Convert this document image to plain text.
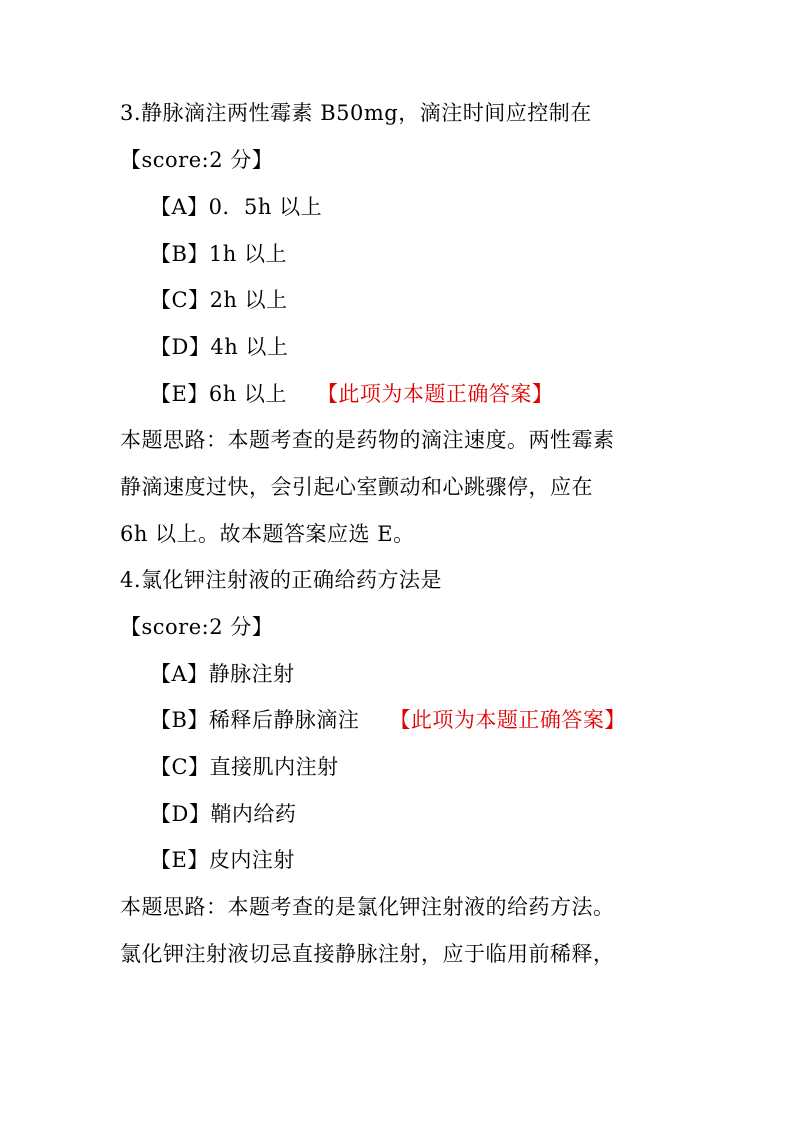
3.静脉滴注两性霉素 B50mg，滴注时间应控制在
【score:2 分】
【A】0．5h 以上
【B】1h 以上
【C】2h 以上
【D】4h 以上
【E】6h 以上 【此项为本题正确答案】
本题思路：本题考查的是药物的滴注速度。两性霉素
静滴速度过快，会引起心室颤动和心跳骤停，应在
6h 以上。故本题答案应选 E。
4.氯化钾注射液的正确给药方法是
【score:2 分】
【A】静脉注射
【B】稀释后静脉滴注 【此项为本题正确答案】
【C】直接肌内注射
【D】鞘内给药
【E】皮内注射
本题思路：本题考查的是氯化钾注射液的给药方法。
氯化钾注射液切忌直接静脉注射，应于临用前稀释，
